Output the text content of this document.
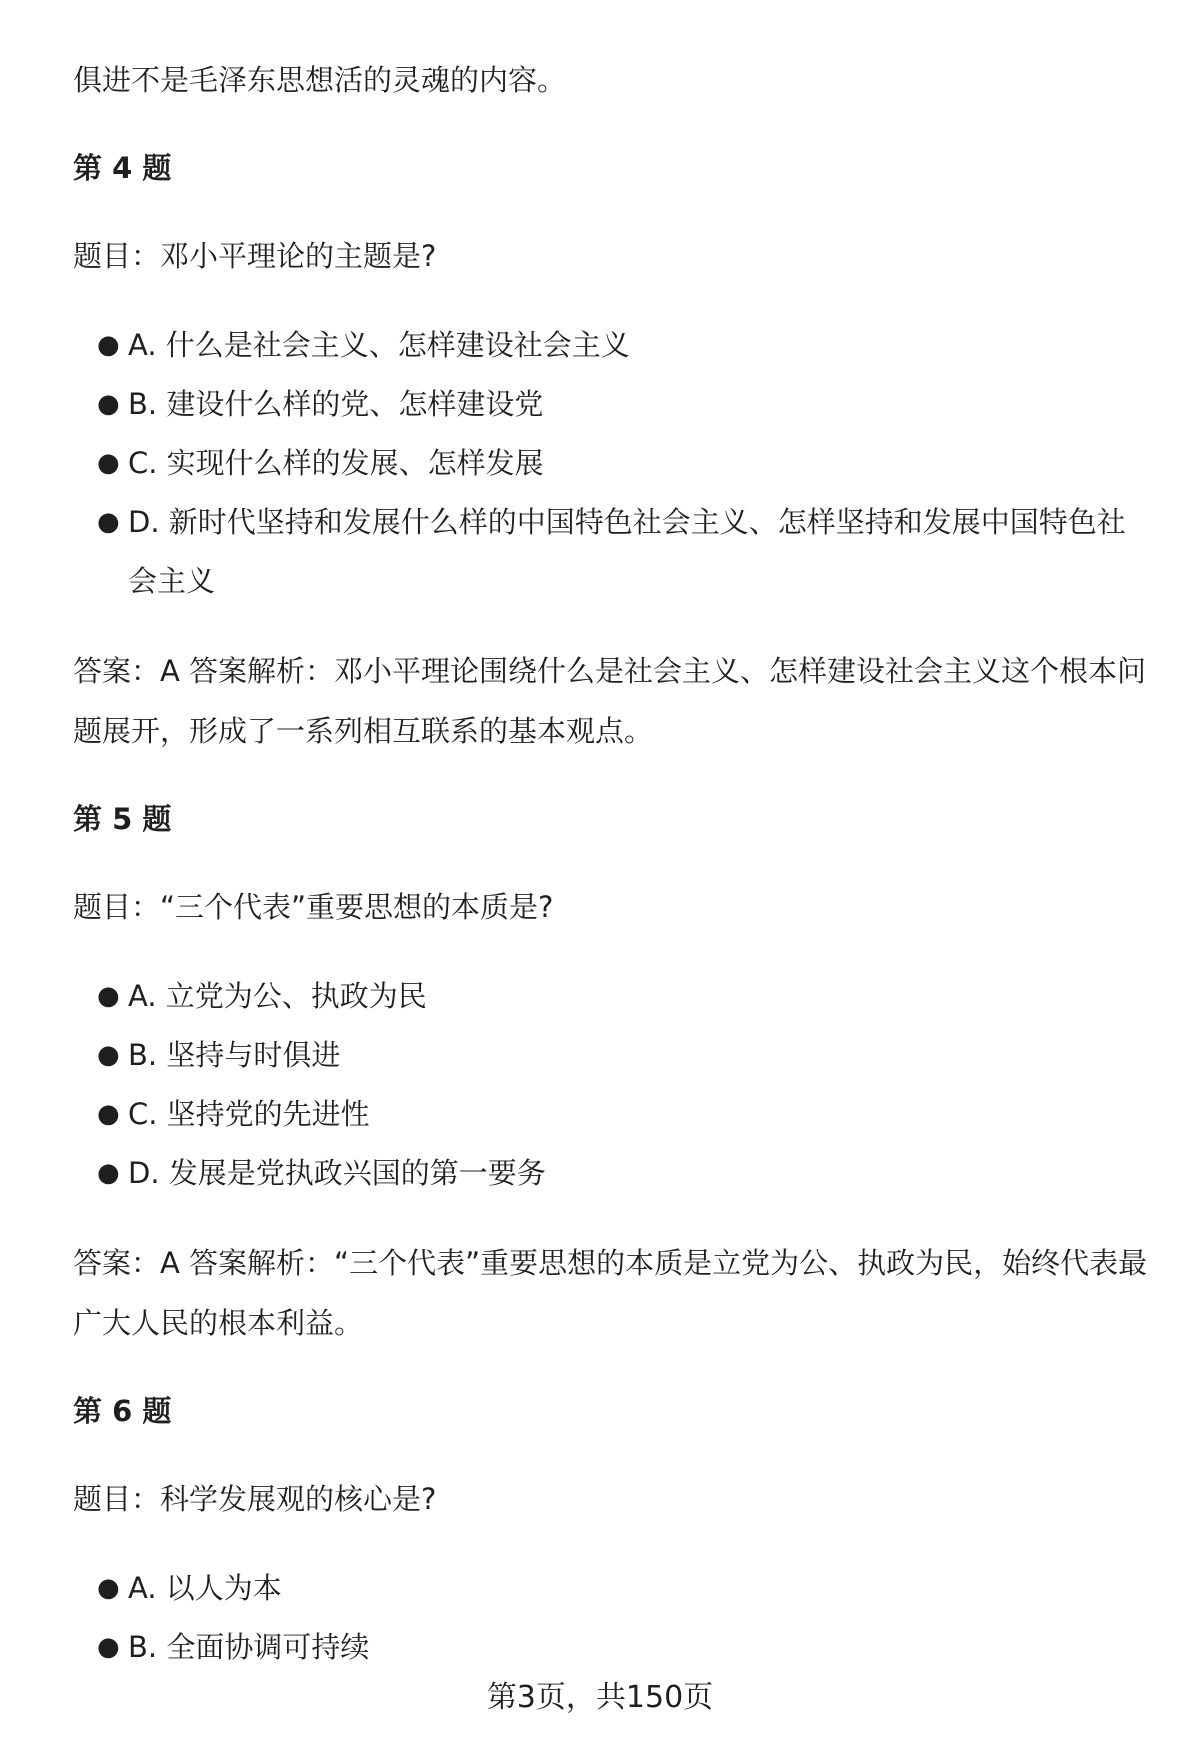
俱进不是毛泽东思想活的灵魂的内容。

第 4 题

题目：邓小平理论的主题是?

● A. 什么是社会主义、怎样建设社会主义
● B. 建设什么样的党、怎样建设党
● C. 实现什么样的发展、怎样发展
● D. 新时代坚持和发展什么样的中国特色社会主义、怎样坚持和发展中国特色社会主义

答案：A 答案解析：邓小平理论围绕什么是社会主义、怎样建设社会主义这个根本问题展开，形成了一系列相互联系的基本观点。

第 5 题

题目：“三个代表”重要思想的本质是?

● A. 立党为公、执政为民
● B. 坚持与时俱进
● C. 坚持党的先进性
● D. 发展是党执政兴国的第一要务

答案：A 答案解析：“三个代表”重要思想的本质是立党为公、执政为民，始终代表最广大人民的根本利益。

第 6 题

题目：科学发展观的核心是?

● A. 以人为本
● B. 全面协调可持续
第3页，共150页
